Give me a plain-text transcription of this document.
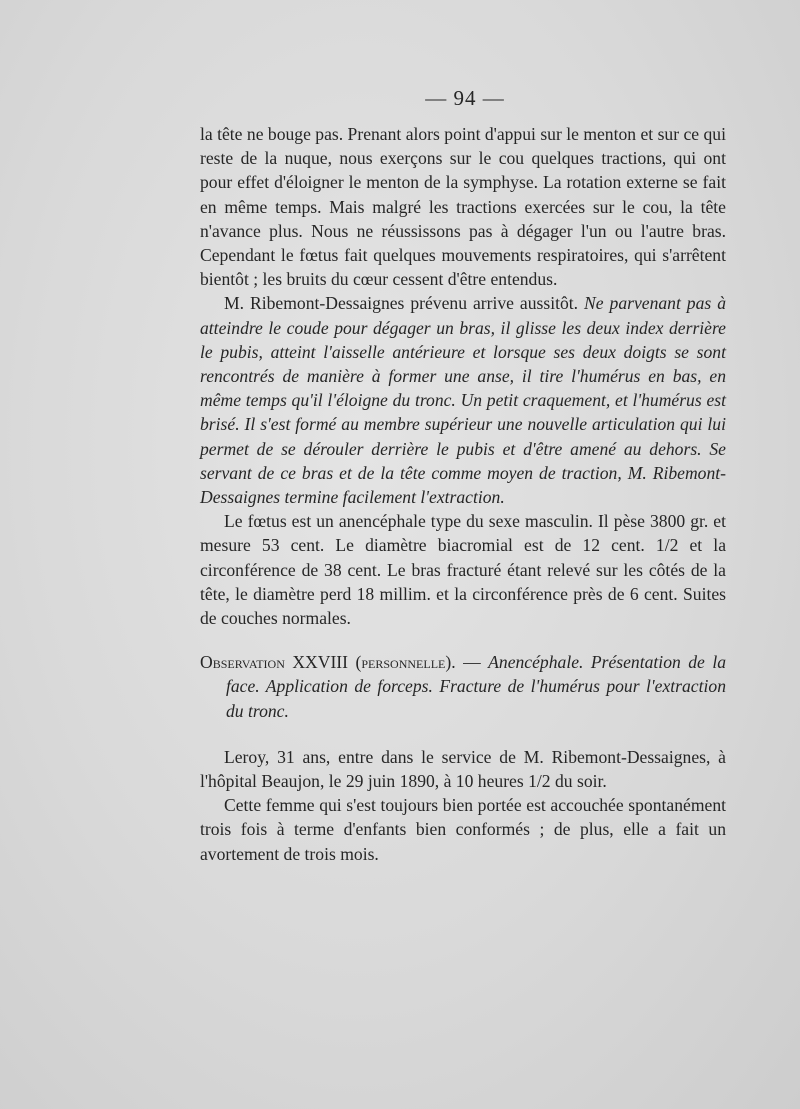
— 94 —

la tête ne bouge pas. Prenant alors point d'appui sur le menton et sur ce qui reste de la nuque, nous exerçons sur le cou quelques tractions, qui ont pour effet d'éloigner le menton de la symphyse. La rotation externe se fait en même temps. Mais malgré les tractions exercées sur le cou, la tête n'avance plus. Nous ne réussissons pas à dégager l'un ou l'autre bras. Cependant le fœtus fait quelques mouvements respiratoires, qui s'arrêtent bientôt ; les bruits du cœur cessent d'être entendus.

M. Ribemont-Dessaignes prévenu arrive aussitôt. Ne parvenant pas à atteindre le coude pour dégager un bras, il glisse les deux index derrière le pubis, atteint l'aisselle antérieure et lorsque ses deux doigts se sont rencontrés de manière à former une anse, il tire l'humérus en bas, en même temps qu'il l'éloigne du tronc. Un petit craquement, et l'humérus est brisé. Il s'est formé au membre supérieur une nouvelle articulation qui lui permet de se dérouler derrière le pubis et d'être amené au dehors. Se servant de ce bras et de la tête comme moyen de traction, M. Ribemont-Dessaignes termine facilement l'extraction.

Le fœtus est un anencéphale type du sexe masculin. Il pèse 3800 gr. et mesure 53 cent. Le diamètre biacromial est de 12 cent. 1/2 et la circonférence de 38 cent. Le bras fracturé étant relevé sur les côtés de la tête, le diamètre perd 18 millim. et la circonférence près de 6 cent. Suites de couches normales.

Observation XXVIII (personnelle). — Anencéphale. Présentation de la face. Application de forceps. Fracture de l'humérus pour l'extraction du tronc.

Leroy, 31 ans, entre dans le service de M. Ribemont-Dessaignes, à l'hôpital Beaujon, le 29 juin 1890, à 10 heures 1/2 du soir.

Cette femme qui s'est toujours bien portée est accouchée spontanément trois fois à terme d'enfants bien conformés ; de plus, elle a fait un avortement de trois mois.
